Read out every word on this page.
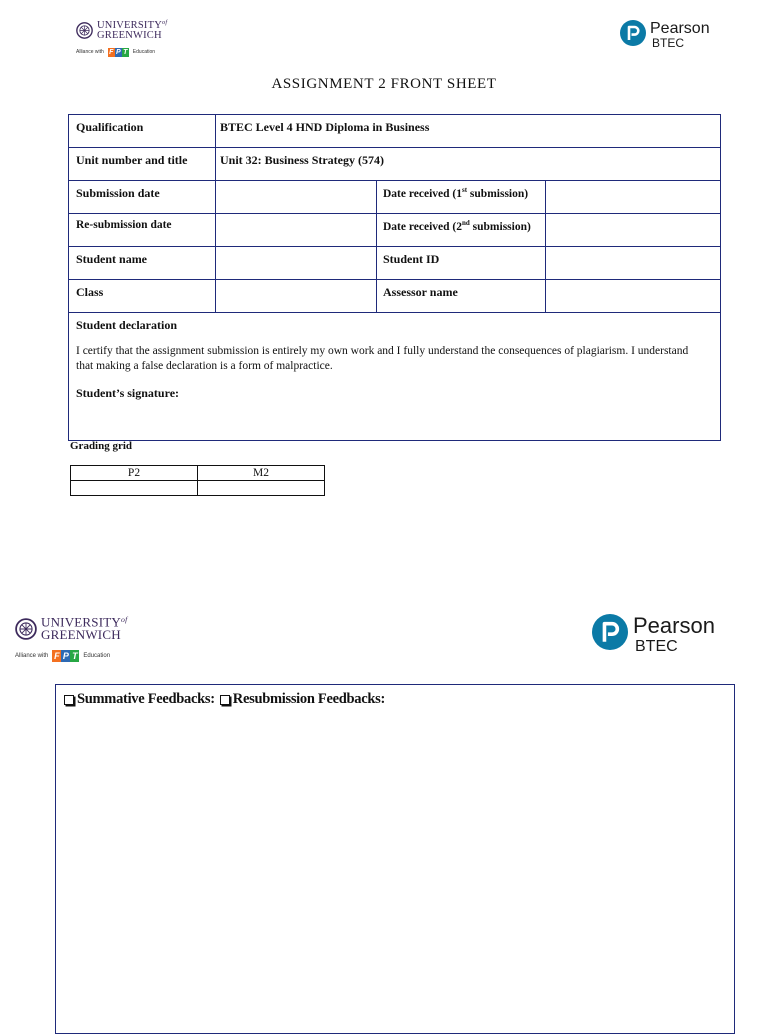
$UNIVERSITY^{of}$
GREENWICH
Alliance with F P T Education
Pearson
BTEC
ASSIGNMENT 2 FRONT SHEET
Qualification	BTEC Level 4 HND Diploma in Business
Unit number and title	Unit 32: Business Strategy (574)
Submission date	Date received (1st submission)
Re-submission date	Date received (2nd submission)
Student name	Student ID
Class	Assessor name
Student declaration
I certify that the assignment submission is entirely my own work and I fully understand the consequences of plagiarism. I understand that making a false declaration is a form of malpractice.
Student’s signature:
Grading grid
P2	M2

$UNIVERSITY^{of}$
GREENWICH
Alliance with F P T Education
Pearson
BTEC
Summative Feedbacks: Resubmission Feedbacks:
